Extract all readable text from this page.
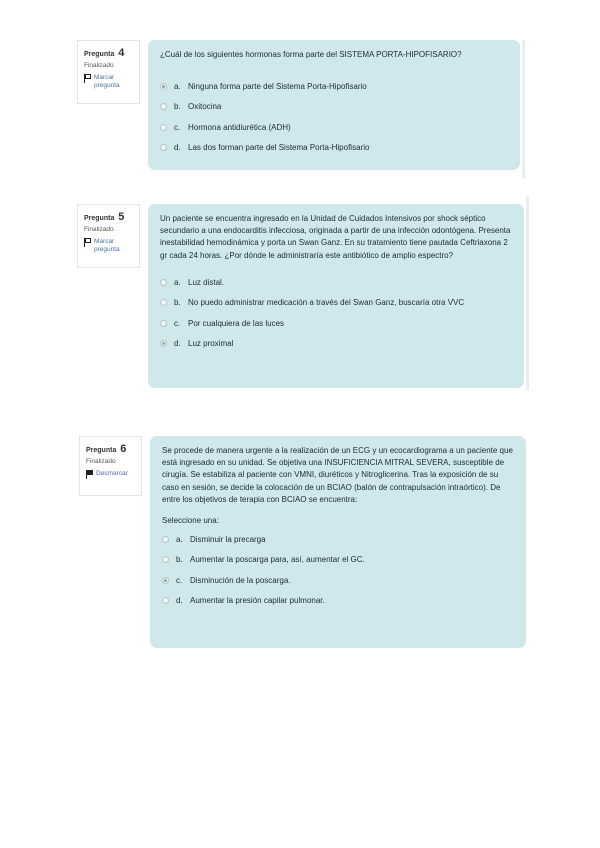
Pregunta 4
Finalizado
Marcar pregunta
¿Cuál de los siguientes hormonas forma parte del SISTEMA PORTA-HIPOFISARIO?
a. Ninguna forma parte del Sistema Porta-Hipofisario
b. Oxitocina
c. Hormona antidiurética (ADH)
d. Las dos forman parte del Sistema Porta-Hipofisario
Pregunta 5
Finalizado
Marcar pregunta
Un paciente se encuentra ingresado en la Unidad de Cuidados Intensivos por shock séptico secundario a una endocarditis infecciosa, originada a partir de una infección odontógena. Presenta inestabilidad hemodinámica y porta un Swan Ganz. En su tratamiento tiene pautada Ceftriaxona 2 gr cada 24 horas. ¿Por dónde le administraría este antibiótico de amplio espectro?
a. Luz distal.
b. No puedo administrar medicación a través del Swan Ganz, buscaría otra VVC
c. Por cualquiera de las luces
d. Luz proximal
Pregunta 6
Finalizado
Desmarcar
Se procede de manera urgente a la realización de un ECG y un ecocardiograma a un paciente que está ingresado en su unidad. Se objetiva una INSUFICIENCIA MITRAL SEVERA, susceptible de cirugía. Se estabiliza al paciente con VMNI, diuréticos y Nitroglicerina. Tras la exposición de su caso en sesión, se decide la colocación de un BCIAO (balón de contrapulsación intraórtico). De entre los objetivos de terapia con BCIAO se encuentra:
Seleccione una:
a. Disminuir la precarga
b. Aumentar la poscarga para, así, aumentar el GC.
c. Disminución de la poscarga.
d. Aumentar la presión capilar pulmonar.
